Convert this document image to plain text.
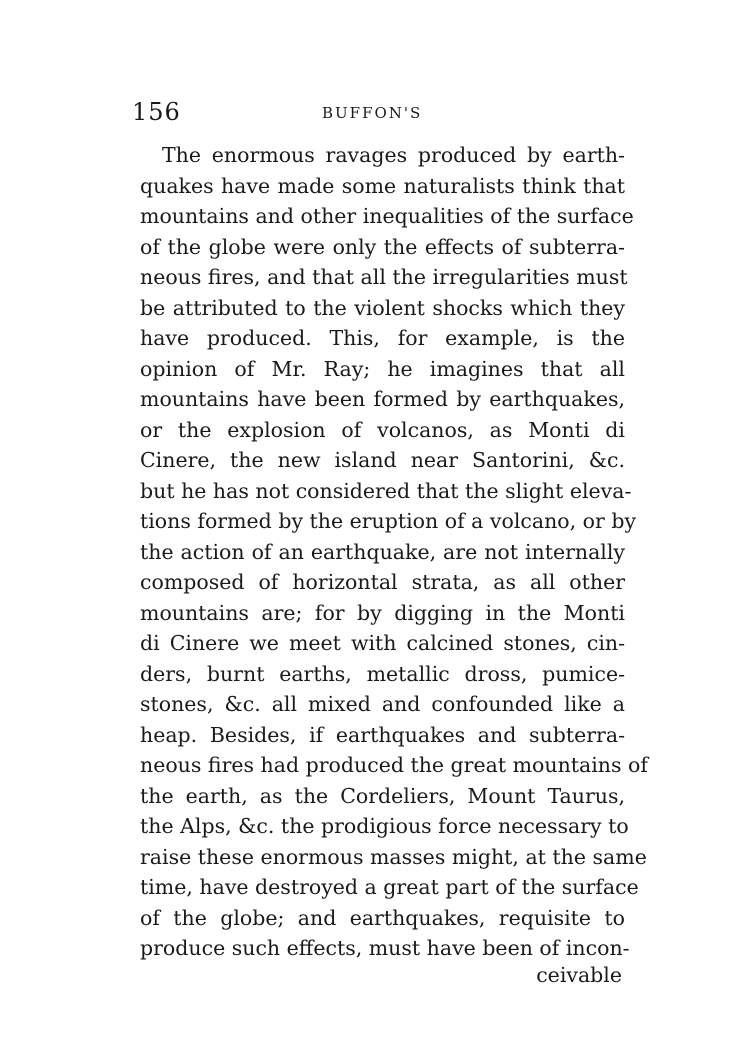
156	BUFFON'S
The enormous ravages produced by earth-
quakes have made some naturalists think that
mountains and other inequalities of the surface
of the globe were only the effects of subterra-
neous fires, and that all the irregularities must
be attributed to the violent shocks which they
have produced. This, for example, is the
opinion of Mr. Ray; he imagines that all
mountains have been formed by earthquakes,
or the explosion of volcanos, as Monti di
Cinere, the new island near Santorini, &c.
but he has not considered that the slight eleva-
tions formed by the eruption of a volcano, or by
the action of an earthquake, are not internally
composed of horizontal strata, as all other
mountains are; for by digging in the Monti
di Cinere we meet with calcined stones, cin-
ders, burnt earths, metallic dross, pumice-
stones, &c. all mixed and confounded like a
heap. Besides, if earthquakes and subterra-
neous fires had produced the great mountains of
the earth, as the Cordeliers, Mount Taurus,
the Alps, &c. the prodigious force necessary to
raise these enormous masses might, at the same
time, have destroyed a great part of the surface
of the globe; and earthquakes, requisite to
produce such effects, must have been of incon-
ceivable
